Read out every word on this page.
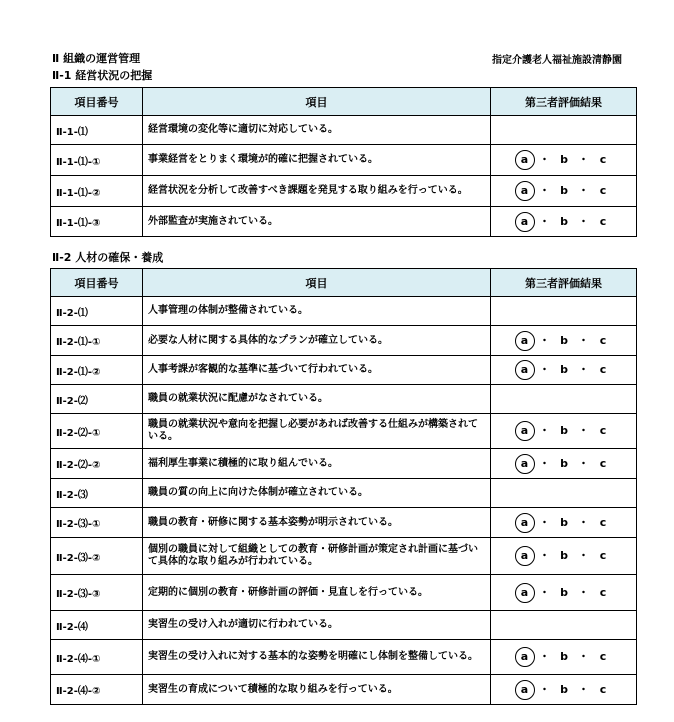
Ⅱ 組織の運営管理	指定介護老人福祉施設清静園
Ⅱ-1 経営状況の把握
項目番号	項目	第三者評価結果
Ⅱ-1-⑴	経営環境の変化等に適切に対応している。	
Ⅱ-1-⑴-①	事業経営をとりまく環境が的確に把握されている。	a ・ b ・ c
Ⅱ-1-⑴-②	経営状況を分析して改善すべき課題を発見する取り組みを行っている。	a ・ b ・ c
Ⅱ-1-⑴-③	外部監査が実施されている。	a ・ b ・ c
Ⅱ-2 人材の確保・養成
項目番号	項目	第三者評価結果
Ⅱ-2-⑴	人事管理の体制が整備されている。	
Ⅱ-2-⑴-①	必要な人材に関する具体的なプランが確立している。	a ・ b ・ c
Ⅱ-2-⑴-②	人事考課が客観的な基準に基づいて行われている。	a ・ b ・ c
Ⅱ-2-⑵	職員の就業状況に配慮がなされている。	
Ⅱ-2-⑵-①	職員の就業状況や意向を把握し必要があれば改善する仕組みが構築されている。	a ・ b ・ c
Ⅱ-2-⑵-②	福利厚生事業に積極的に取り組んでいる。	a ・ b ・ c
Ⅱ-2-⑶	職員の質の向上に向けた体制が確立されている。	
Ⅱ-2-⑶-①	職員の教育・研修に関する基本姿勢が明示されている。	a ・ b ・ c
Ⅱ-2-⑶-②	個別の職員に対して組織としての教育・研修計画が策定され計画に基づいて具体的な取り組みが行われている。	a ・ b ・ c
Ⅱ-2-⑶-③	定期的に個別の教育・研修計画の評価・見直しを行っている。	a ・ b ・ c
Ⅱ-2-⑷	実習生の受け入れが適切に行われている。	
Ⅱ-2-⑷-①	実習生の受け入れに対する基本的な姿勢を明確にし体制を整備している。	a ・ b ・ c
Ⅱ-2-⑷-②	実習生の育成について積極的な取り組みを行っている。	a ・ b ・ c
